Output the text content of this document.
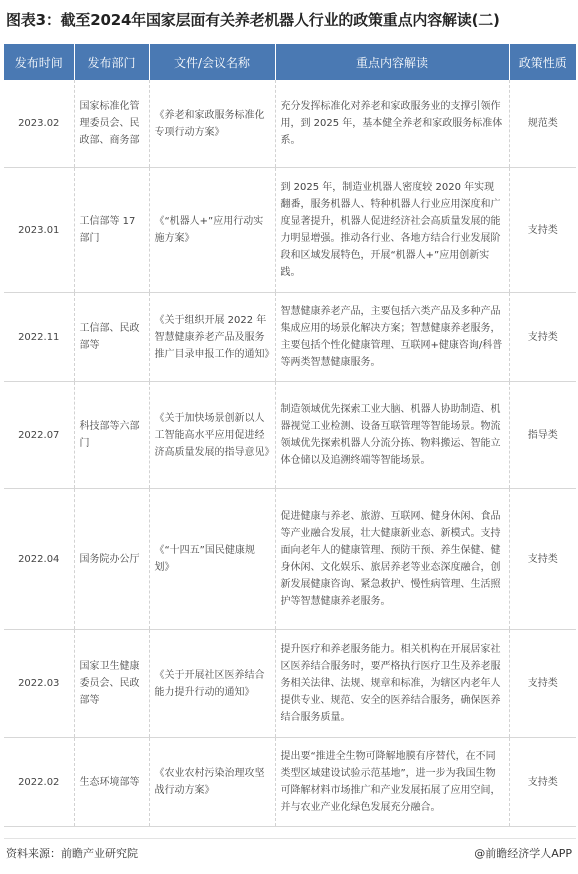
图表3：截至2024年国家层面有关养老机器人行业的政策重点内容解读(二)
发布时间	发布部门	文件/会议名称	重点内容解读	政策性质
2023.02	国家标准化管理委员会、民政部、商务部	《养老和家政服务标准化专项行动方案》	充分发挥标准化对养老和家政服务业的支撑引领作用，到 2025 年，基本健全养老和家政服务标准体系。	规范类
2023.01	工信部等 17 部门	《“机器人+”应用行动实施方案》	到 2025 年，制造业机器人密度较 2020 年实现翻番，服务机器人、特种机器人行业应用深度和广度显著提升，机器人促进经济社会高质量发展的能力明显增强。推动各行业、各地方结合行业发展阶段和区域发展特色，开展“机器人+”应用创新实践。	支持类
2022.11	工信部、民政部等	《关于组织开展 2022 年智慧健康养老产品及服务推广目录申报工作的通知》	智慧健康养老产品，主要包括六类产品及多种产品集成应用的场景化解决方案；智慧健康养老服务，主要包括个性化健康管理、互联网+健康咨询/科普等两类智慧健康服务。	支持类
2022.07	科技部等六部门	《关于加快场景创新以人工智能高水平应用促进经济高质量发展的指导意见》	制造领域优先探索工业大脑、机器人协助制造、机器视觉工业检测、设备互联管理等智能场景。物流领域优先探索机器人分流分拣、物料搬运、智能立体仓储以及追溯终端等智能场景。	指导类
2022.04	国务院办公厅	《“十四五”国民健康规划》	促进健康与养老、旅游、互联网、健身休闲、食品等产业融合发展，壮大健康新业态、新模式。支持面向老年人的健康管理、预防干预、养生保健、健身休闲、文化娱乐、旅居养老等业态深度融合，创新发展健康咨询、紧急救护、慢性病管理、生活照护等智慧健康养老服务。	支持类
2022.03	国家卫生健康委员会、民政部等	《关于开展社区医养结合能力提升行动的通知》	提升医疗和养老服务能力。相关机构在开展居家社区医养结合服务时，要严格执行医疗卫生及养老服务相关法律、法规、规章和标准，为辖区内老年人提供专业、规范、安全的医养结合服务，确保医养结合服务质量。	支持类
2022.02	生态环境部等	《农业农村污染治理攻坚战行动方案》	提出要“推进全生物可降解地膜有序替代，在不同类型区域建设试验示范基地”，进一步为我国生物可降解材料市场推广和产业发展拓展了应用空间，并与农业产业化绿色发展充分融合。	支持类
资料来源：前瞻产业研究院	@前瞻经济学人APP
